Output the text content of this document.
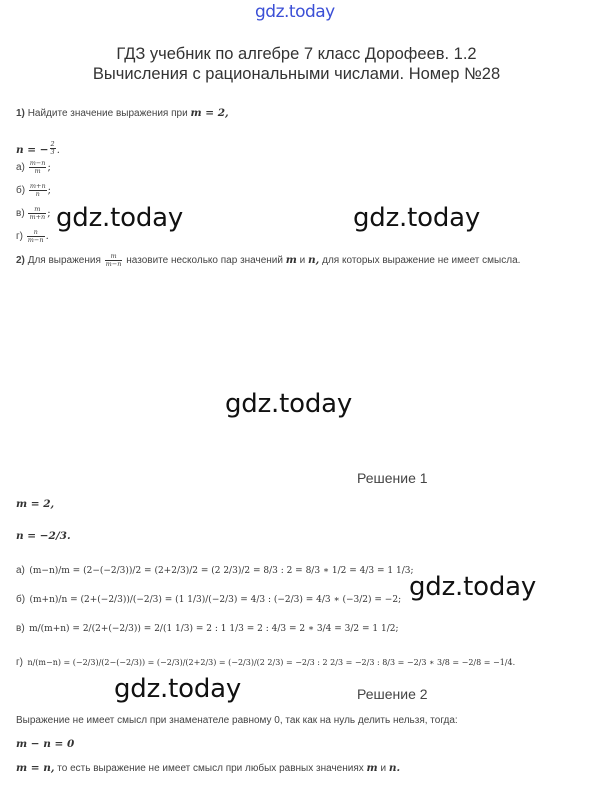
gdz.today
ГДЗ учебник по алгебре 7 класс Дорофеев. 1.2 Вычисления с рациональными числами. Номер №28
1) Найдите значение выражения при m = 2,
n = − $\frac{2}{3}$ .
$а) \frac{m-n}{m}$ ;
$б) \frac{m+n}{n}$ ;
$в) \frac{m}{m+n}$ ;
$г) \frac{n}{m-n}$ .
gdz.today	gdz.today
2) Для выражения $\frac{m}{m-n}$ назовите несколько пар значений m и n, для которых выражение не имеет смысла.
gdz.today
Решение 1
m = 2,
n = −2/3.
а) (m−n)/m = (2−(−2/3))/2 = (2+2/3)/2 = (2 2/3)/2 = 8/3 : 2 = 8/3 ∗ 1/2 = 4/3 = 1 1/3;
б) (m+n)/n = (2+(−2/3))/(−2/3) = (1 1/3)/(−2/3) = 4/3 : (−2/3) = 4/3 ∗ (−3/2) = −2;
в) m/(m+n) = 2/(2+(−2/3)) = 2/(1 1/3) = 2 : 1 1/3 = 2 : 4/3 = 2 ∗ 3/4 = 3/2 = 1 1/2;
г) n/(m−n) = (−2/3)/(2−(−2/3)) = (−2/3)/(2+2/3) = (−2/3)/(2 2/3) = −2/3 : 2 2/3 = −2/3 : 8/3 = −2/3 ∗ 3/8 = −2/8 = −1/4.
gdz.today
gdz.today	Решение 2
Выражение не имеет смысл при знаменателе равному 0, так как на нуль делить нельзя, тогда:
m − n = 0
m = n, то есть выражение не имеет смысл при любых равных значениях m и n.
